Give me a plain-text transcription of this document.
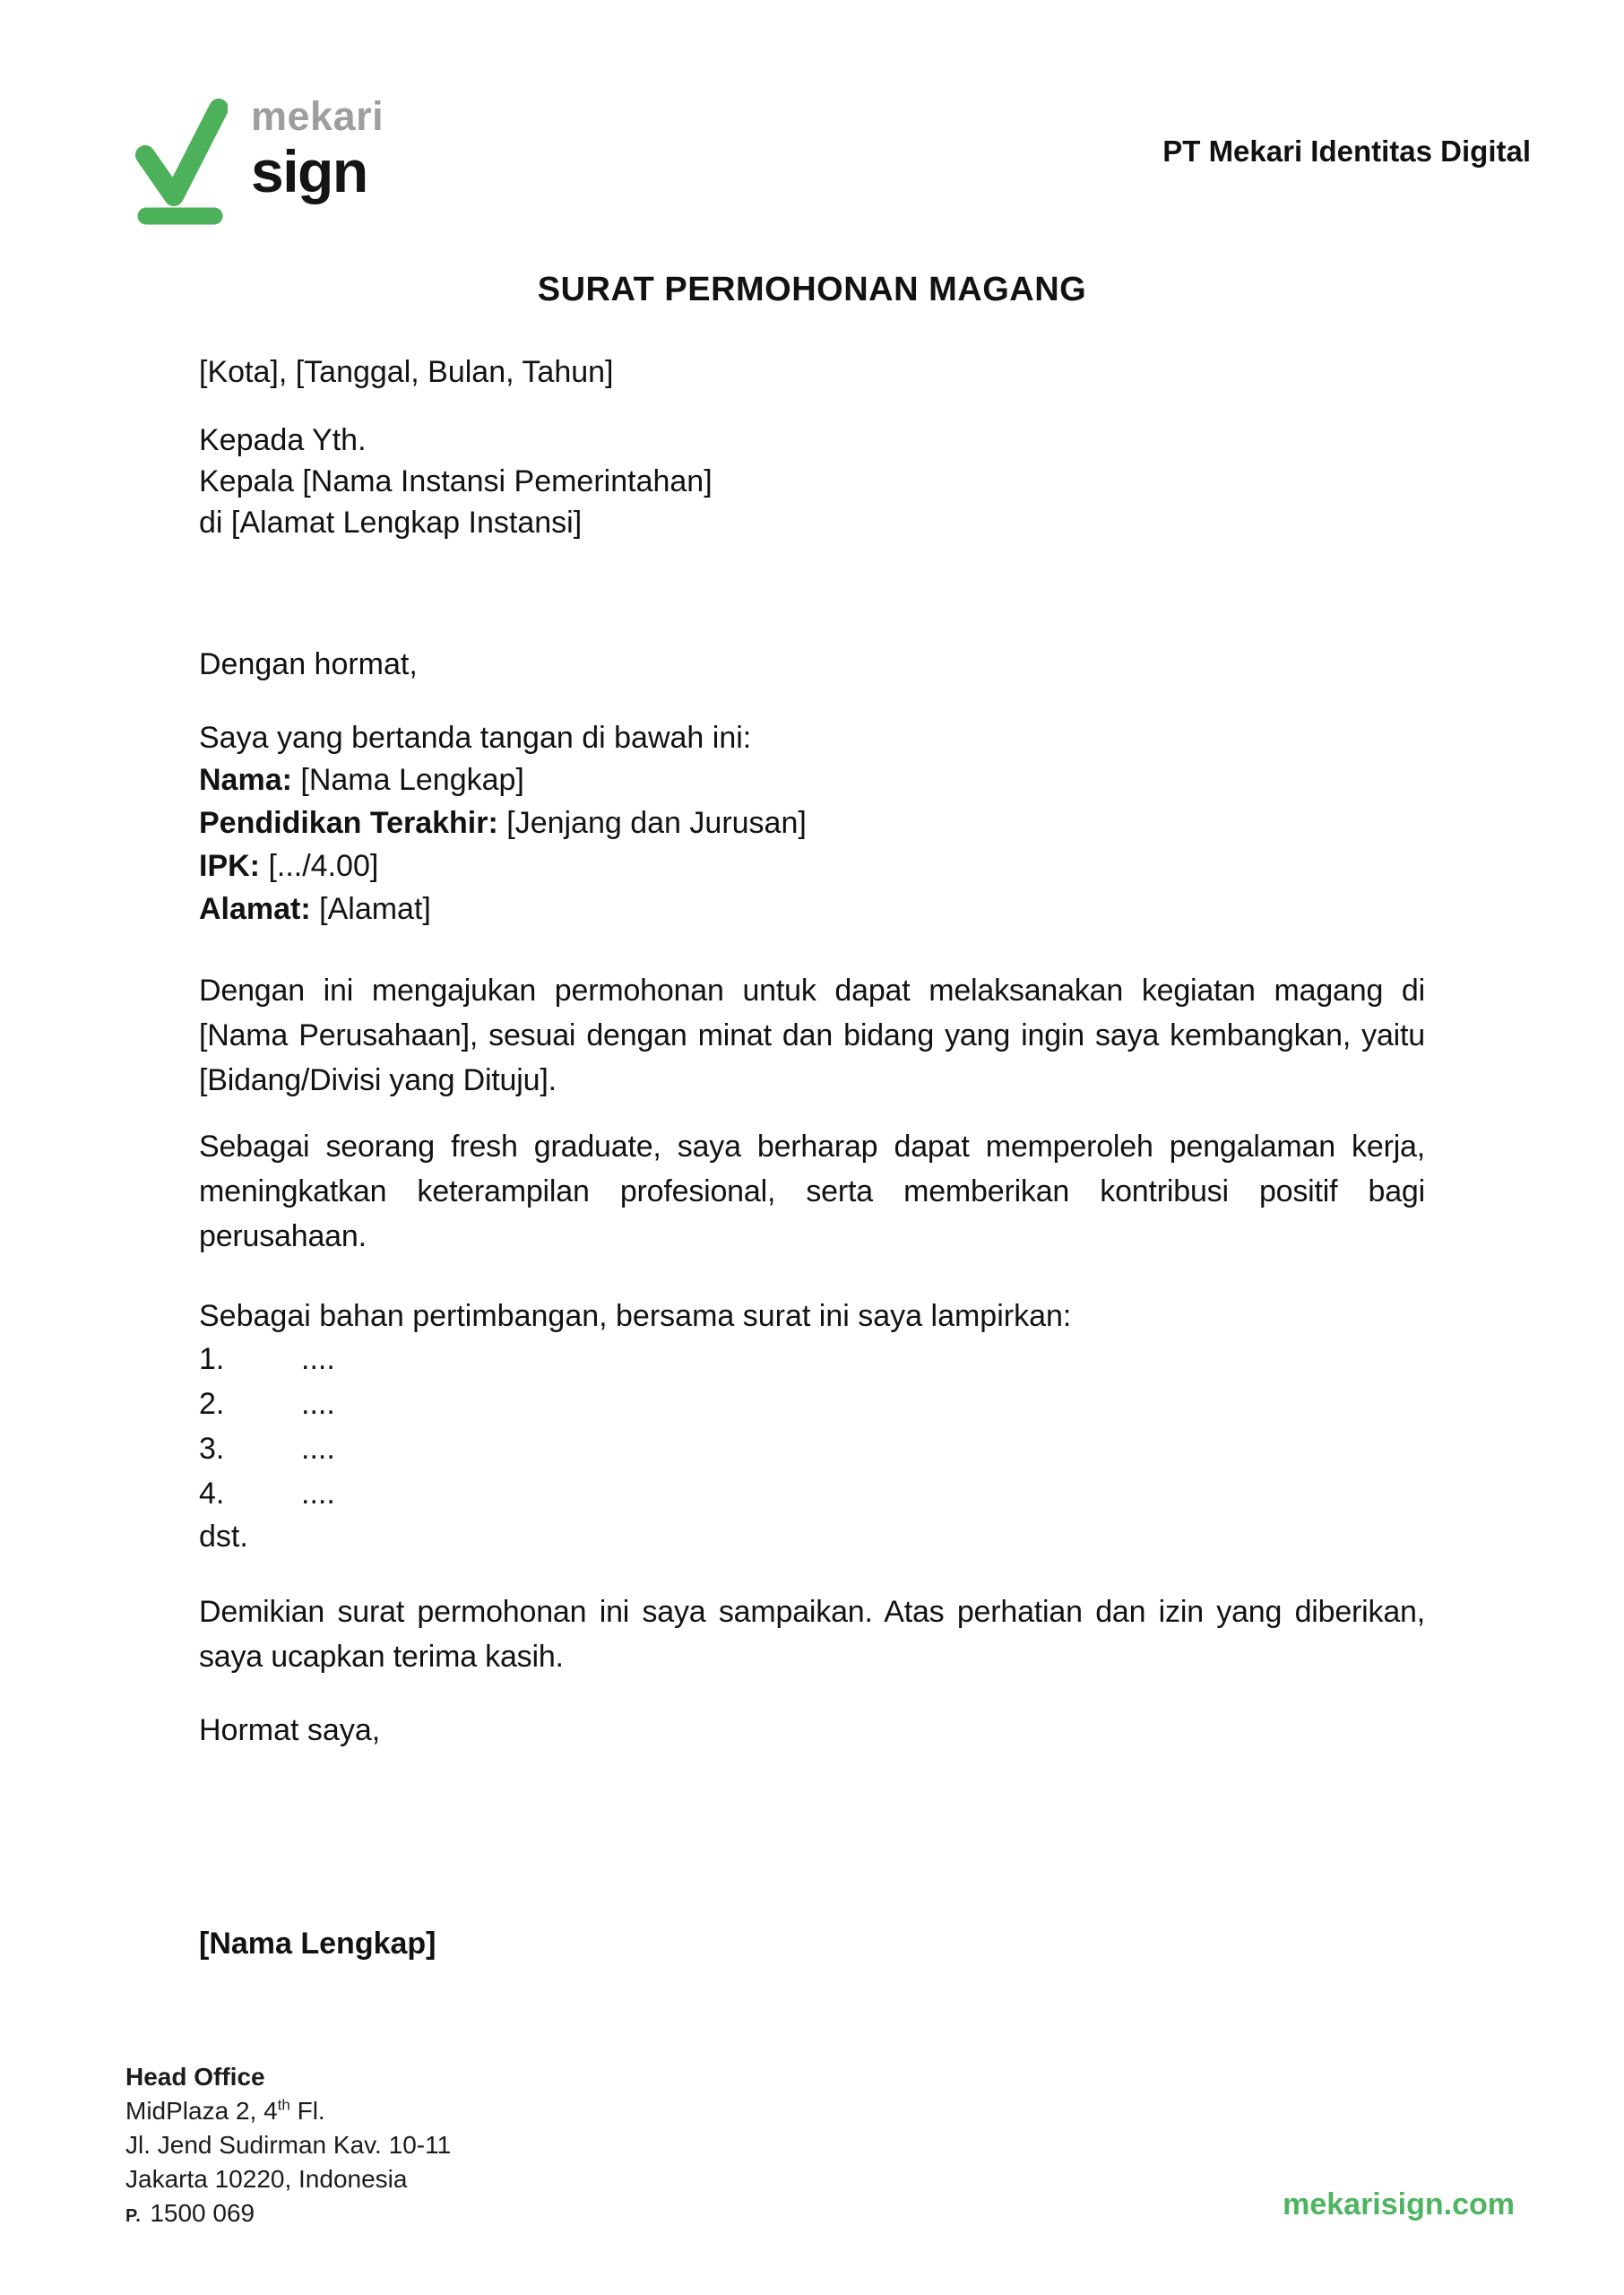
mekari
sign	PT Mekari Identitas Digital
SURAT PERMOHONAN MAGANG
[Kota], [Tanggal, Bulan, Tahun]
Kepada Yth.
Kepala [Nama Instansi Pemerintahan]
di [Alamat Lengkap Instansi]
Dengan hormat,
Saya yang bertanda tangan di bawah ini:
Nama: [Nama Lengkap]
Pendidikan Terakhir: [Jenjang dan Jurusan]
IPK: [.../4.00]
Alamat: [Alamat]
Dengan ini mengajukan permohonan untuk dapat melaksanakan kegiatan magang di [Nama Perusahaan], sesuai dengan minat dan bidang yang ingin saya kembangkan, yaitu [Bidang/Divisi yang Dituju].
Sebagai seorang fresh graduate, saya berharap dapat memperoleh pengalaman kerja, meningkatkan keterampilan profesional, serta memberikan kontribusi positif bagi perusahaan.
Sebagai bahan pertimbangan, bersama surat ini saya lampirkan:
1.	....
2.	....
3.	....
4.	....
dst.
Demikian surat permohonan ini saya sampaikan. Atas perhatian dan izin yang diberikan, saya ucapkan terima kasih.
Hormat saya,
[Nama Lengkap]
Head Office
MidPlaza 2, 4th Fl.
Jl. Jend Sudirman Kav. 10-11
Jakarta 10220, Indonesia
P. 1500 069	mekarisign.com
